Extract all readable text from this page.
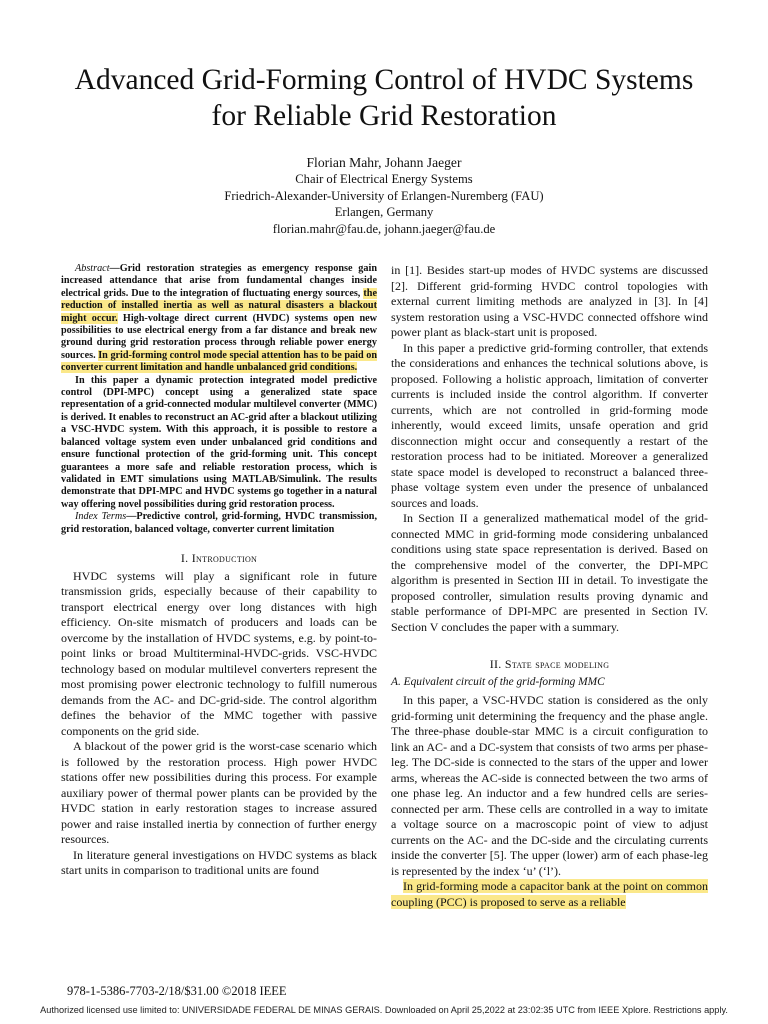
Advanced Grid-Forming Control of HVDC Systems
for Reliable Grid Restoration
Florian Mahr, Johann Jaeger
Chair of Electrical Energy Systems
Friedrich-Alexander-University of Erlangen-Nuremberg (FAU)
Erlangen, Germany
florian.mahr@fau.de, johann.jaeger@fau.de

Abstract—Grid restoration strategies as emergency response gain increased attendance that arise from fundamental changes inside electrical grids. Due to the integration of fluctuating energy sources, the reduction of installed inertia as well as natural disasters a blackout might occur. High-voltage direct current (HVDC) systems open new possibilities to use electrical energy from a far distance and break new ground during grid restoration process through reliable power energy sources. In grid-forming control mode special attention has to be paid on converter current limitation and handle unbalanced grid conditions.

In this paper a dynamic protection integrated model predictive control (DPI-MPC) concept using a generalized state space representation of a grid-connected modular multilevel converter (MMC) is derived. It enables to reconstruct an AC-grid after a blackout utilizing a VSC-HVDC system. With this approach, it is possible to restore a balanced voltage system even under unbalanced grid conditions and ensure functional protection of the grid-forming unit. This concept guarantees a more safe and reliable restoration process, which is validated in EMT simulations using MATLAB/Simulink. The results demonstrate that DPI-MPC and HVDC systems go together in a natural way offering novel possibilities during grid restoration process.

Index Terms—Predictive control, grid-forming, HVDC transmission, grid restoration, balanced voltage, converter current limitation

I. Introduction

HVDC systems will play a significant role in future transmission grids, especially because of their capability to transport electrical energy over long distances with high efficiency. On-site mismatch of producers and loads can be overcome by the installation of HVDC systems, e.g. by point-to-point links or broad Multiterminal-HVDC-grids. VSC-HVDC technology based on modular multilevel converters represent the most promising power electronic technology to fulfill numerous demands from the AC- and DC-grid-side. The control algorithm defines the behavior of the MMC together with passive components on the grid side.

A blackout of the power grid is the worst-case scenario which is followed by the restoration process. High power HVDC stations offer new possibilities during this process. For example auxiliary power of thermal power plants can be provided by the HVDC station in early restoration stages to increase assured power and raise installed inertia by connection of further energy resources.

In literature general investigations on HVDC systems as black start units in comparison to traditional units are found

in [1]. Besides start-up modes of HVDC systems are discussed [2]. Different grid-forming HVDC control topologies with external current limiting methods are analyzed in [3]. In [4] system restoration using a VSC-HVDC connected offshore wind power plant as black-start unit is proposed.

In this paper a predictive grid-forming controller, that extends the considerations and enhances the technical solutions above, is proposed. Following a holistic approach, limitation of converter currents is included inside the control algorithm. If converter currents, which are not controlled in grid-forming mode inherently, would exceed limits, unsafe operation and grid disconnection might occur and consequently a restart of the restoration process had to be initiated. Moreover a generalized state space model is developed to reconstruct a balanced three-phase voltage system even under the presence of unbalanced sources and loads.

In Section II a generalized mathematical model of the grid-connected MMC in grid-forming mode considering unbalanced conditions using state space representation is derived. Based on the comprehensive model of the converter, the DPI-MPC algorithm is presented in Section III in detail. To investigate the proposed controller, simulation results proving dynamic and stable performance of DPI-MPC are presented in Section IV. Section V concludes the paper with a summary.

II. State space modeling
A. Equivalent circuit of the grid-forming MMC

In this paper, a VSC-HVDC station is considered as the only grid-forming unit determining the frequency and the phase angle. The three-phase double-star MMC is a circuit configuration to link an AC- and a DC-system that consists of two arms per phase-leg. The DC-side is connected to the stars of the upper and lower arms, whereas the AC-side is connected between the two arms of one phase leg. An inductor and a few hundred cells are series-connected per arm. These cells are controlled in a way to imitate a voltage source on a macroscopic point of view to adjust currents on the AC- and the DC-side and the circulating currents inside the converter [5]. The upper (lower) arm of each phase-leg is represented by the index ‘u’ (‘l’).

In grid-forming mode a capacitor bank at the point on common coupling (PCC) is proposed to serve as a reliable

978-1-5386-7703-2/18/$31.00 ©2018 IEEE
Authorized licensed use limited to: UNIVERSIDADE FEDERAL DE MINAS GERAIS. Downloaded on April 25,2022 at 23:02:35 UTC from IEEE Xplore. Restrictions apply.
